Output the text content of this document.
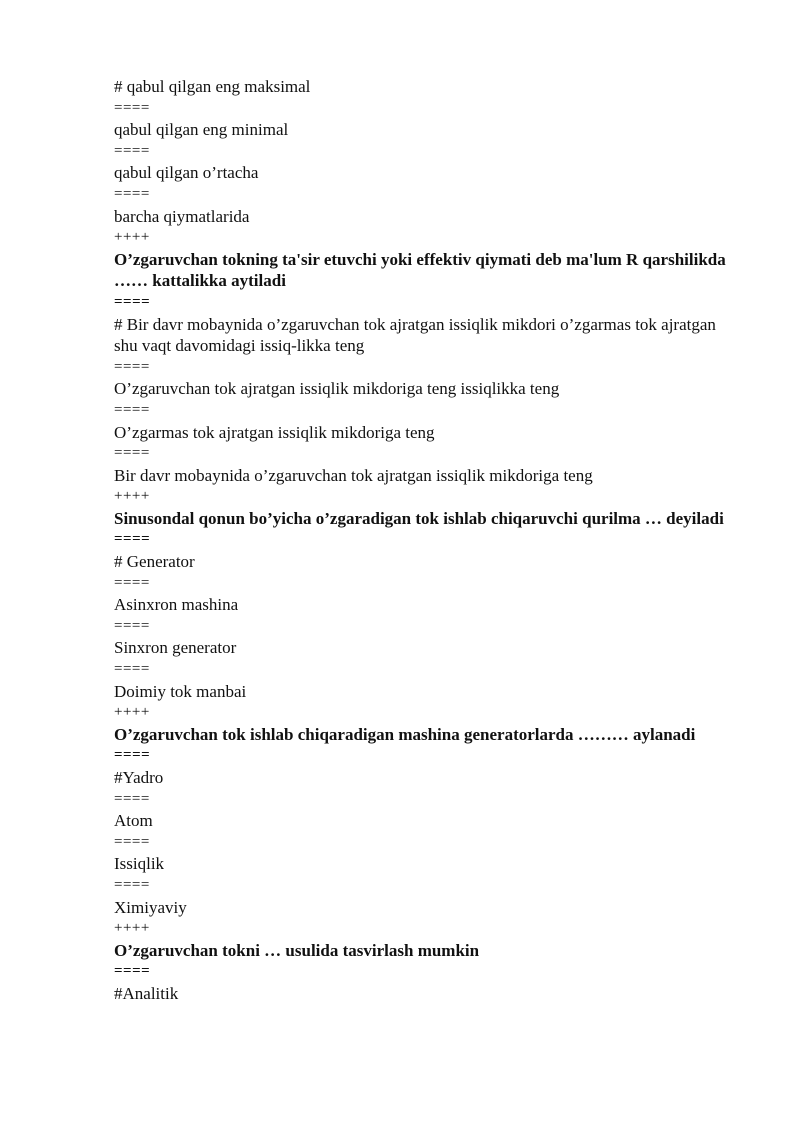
# qabul qilgan eng maksimal

====

qabul qilgan eng minimal

====

qabul qilgan o’rtacha

====

barcha qiymatlarida

++++

O’zgaruvchan tokning ta'sir etuvchi yoki effektiv qiymati deb ma'lum R qarshilikda …… kattalikka aytiladi

====

# Bir davr mobaynida o’zgaruvchan tok ajratgan issiqlik mikdori o’zgarmas tok ajratgan shu vaqt davomidagi issiq-likka teng

====

O’zgaruvchan tok ajratgan issiqlik mikdoriga teng issiqlikka teng

====

O’zgarmas tok ajratgan issiqlik mikdoriga teng

====

Bir davr mobaynida o’zgaruvchan tok ajratgan issiqlik mikdoriga teng

++++

Sinusondal qonun bo’yicha o’zgaradigan tok ishlab chiqaruvchi qurilma … deyiladi

====

# Generator

====

Asinxron mashina

====

Sinxron generator

====

Doimiy tok manbai

++++

O’zgaruvchan tok ishlab chiqaradigan mashina generatorlarda ……… aylanadi

====

#Yadro

====

Atom

====

Issiqlik

====

Ximiyaviy

++++

O’zgaruvchan tokni … usulida tasvirlash mumkin

====

#Analitik
